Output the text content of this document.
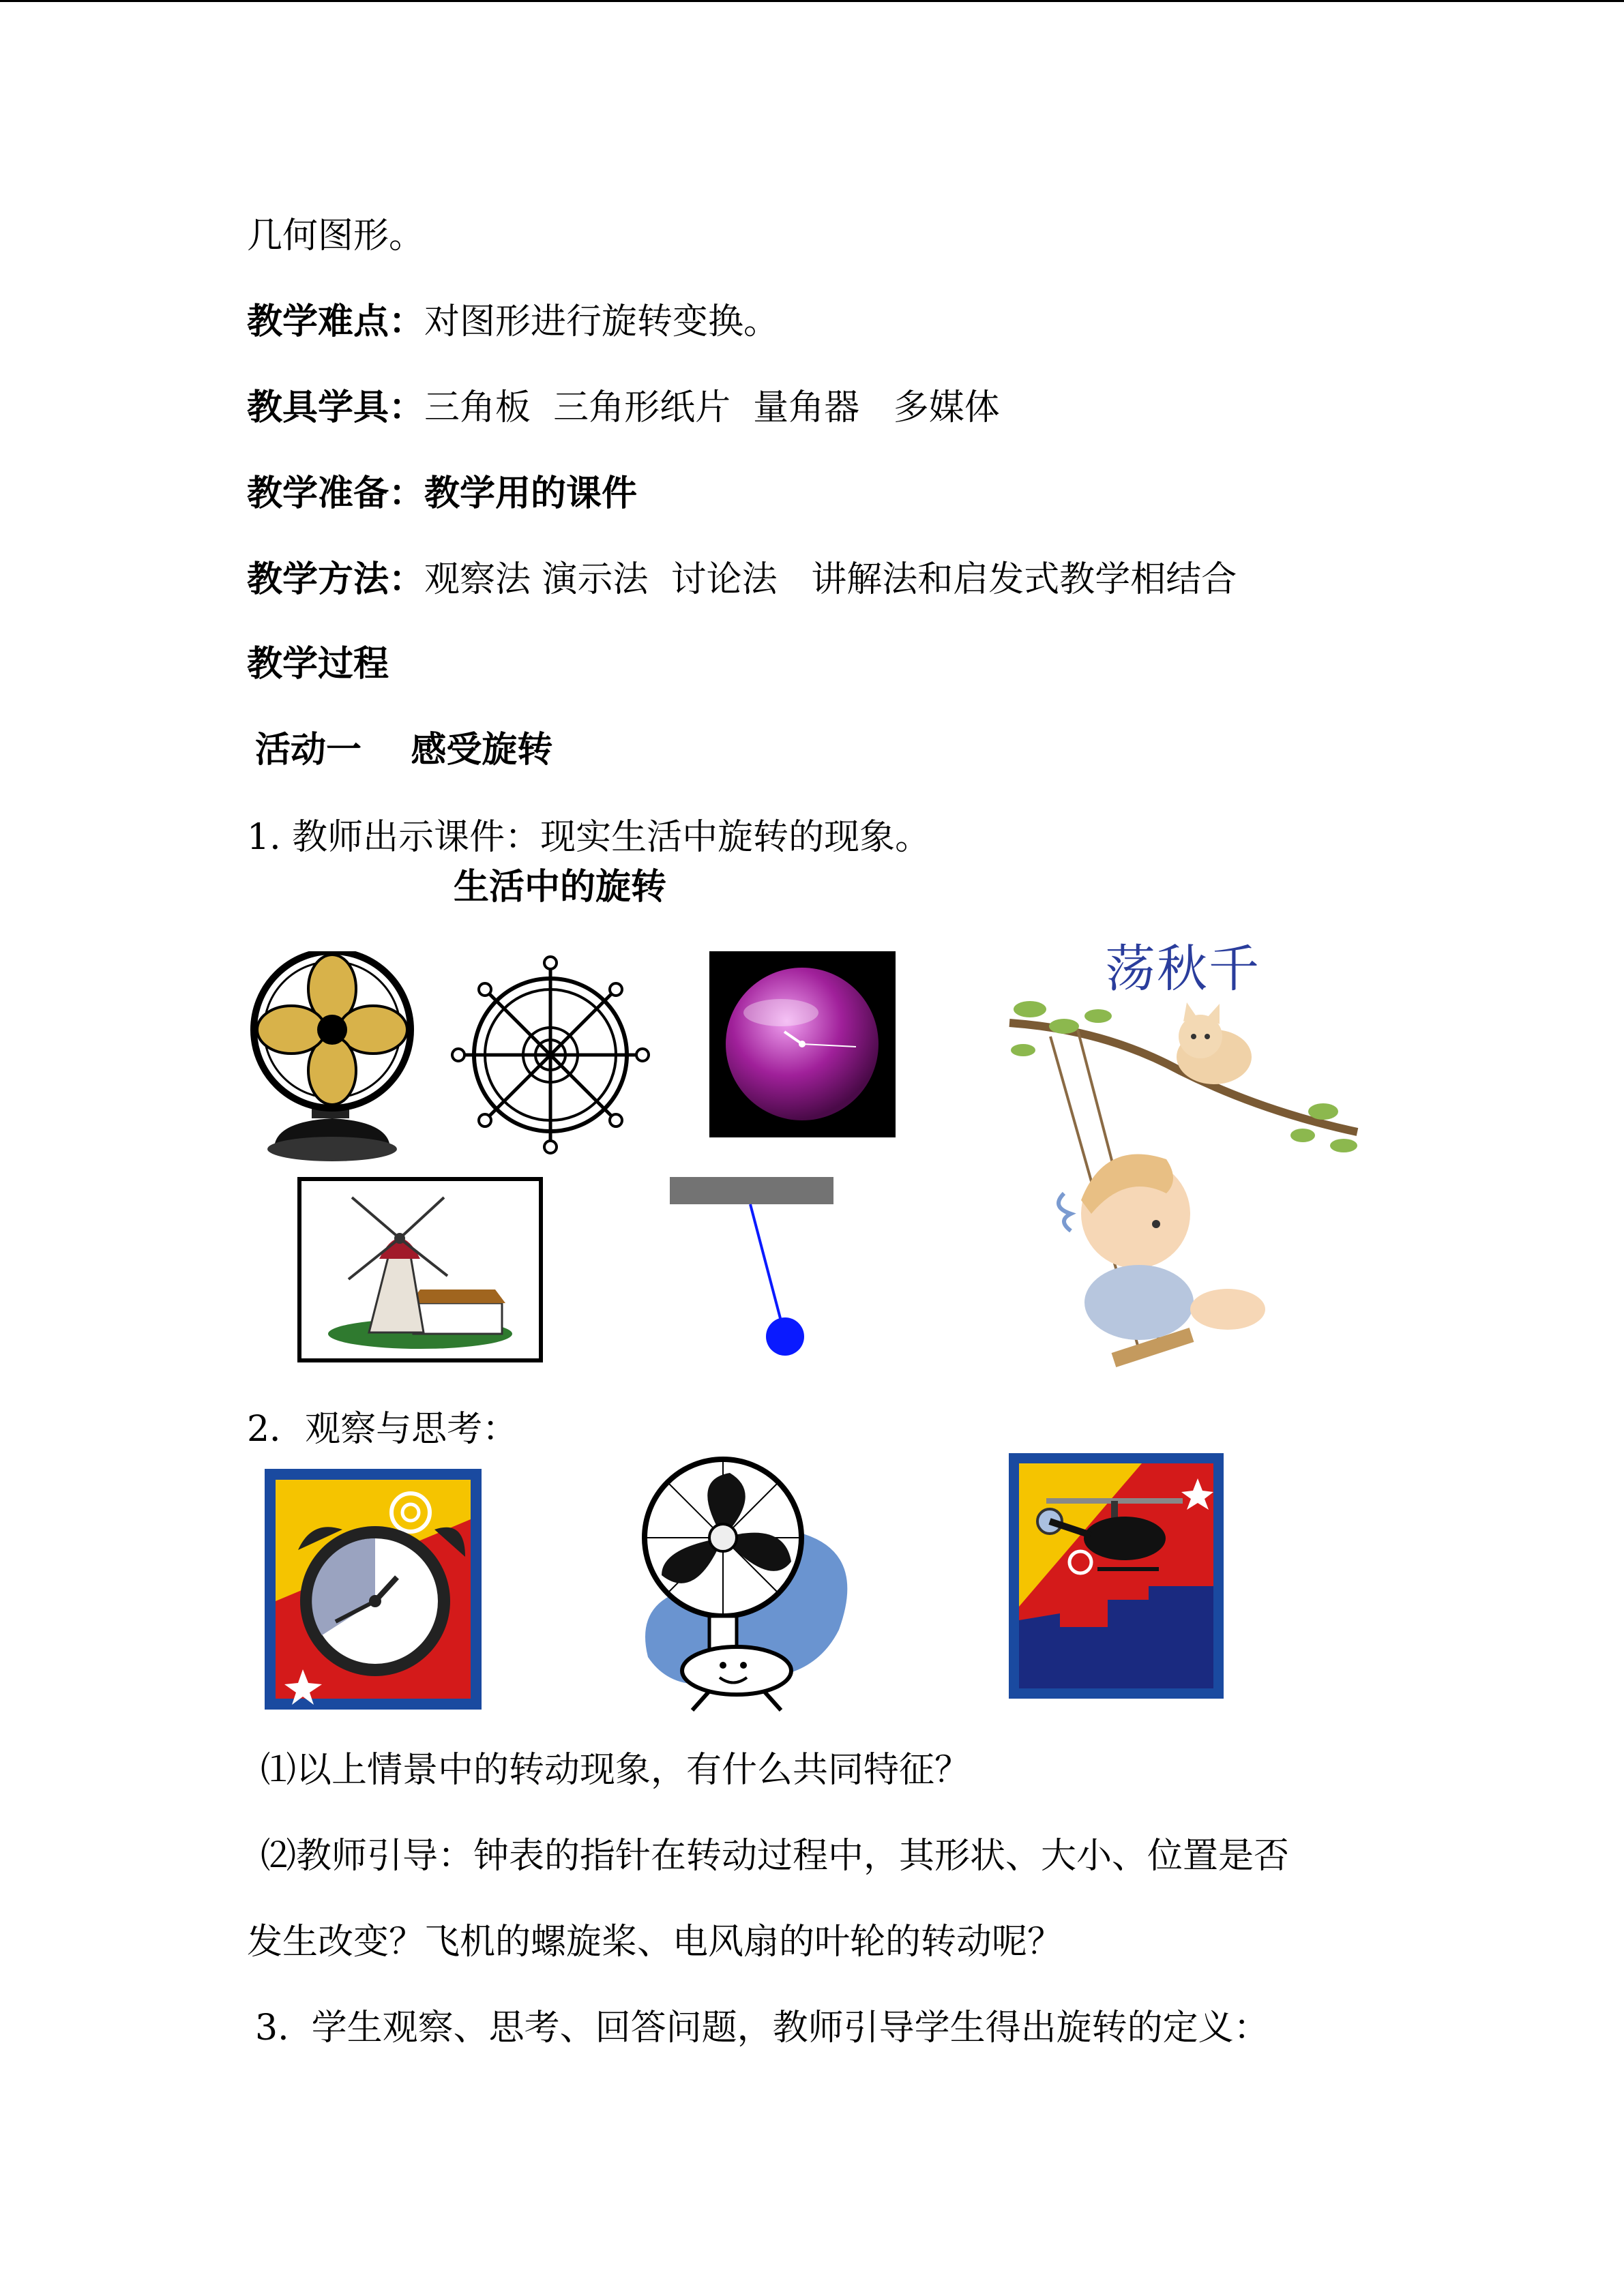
几何图形。
教学难点：对图形进行旋转变换。
教具学具：三角板  三角形纸片  量角器   多媒体
教学准备：教学用的课件
教学方法：观察法 演示法  讨论法   讲解法和启发式教学相结合
教学过程
活动一    感受旋转
1. 教师出示课件：现实生活中旋转的现象。
生活中的旋转
荡秋千
2．观察与思考：
⑴以上情景中的转动现象，有什么共同特征？
⑵教师引导：钟表的指针在转动过程中，其形状、大小、位置是否
发生改变？飞机的螺旋桨、电风扇的叶轮的转动呢？
3.  学生观察、思考、回答问题，教师引导学生得出旋转的定义：
